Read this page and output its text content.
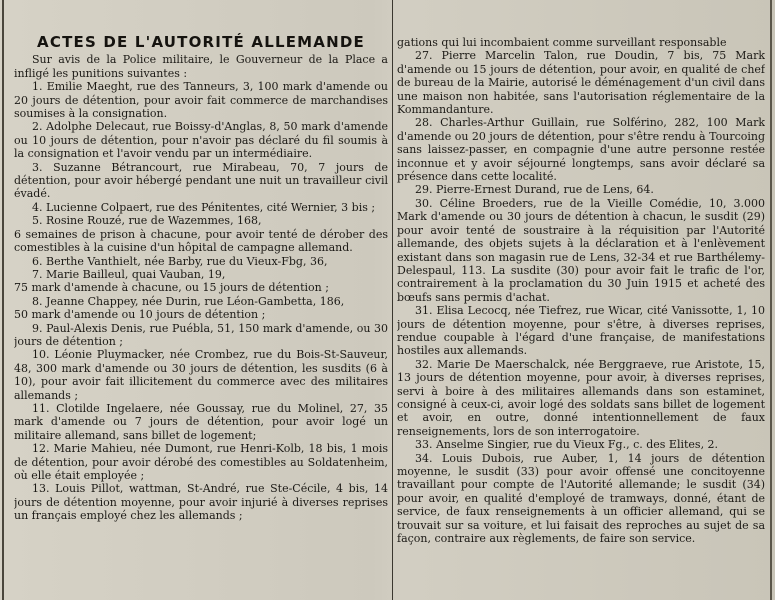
ACTES DE L'AUTORITÉ ALLEMANDE

Sur avis de la Police militaire, le Gouverneur de la Place a infligé les punitions suivantes :

1. Emilie Maeght, rue des Tanneurs, 3, 100 mark d'amende ou 20 jours de détention, pour avoir fait commerce de marchandises soumises à la consignation.

2. Adolphe Delecaut, rue Boissy-d'Anglas, 8, 50 mark d'amende ou 10 jours de détention, pour n'avoir pas déclaré du fil soumis à la consignation et l'avoir vendu par un intermédiaire.

3. Suzanne Bétrancourt, rue Mirabeau, 70, 7 jours de détention, pour avoir hébergé pendant une nuit un travailleur civil évadé.

4. Lucienne Colpaert, rue des Pénitentes, cité Wernier, 3 bis ;

5. Rosine Rouzé, rue de Wazemmes, 168,

6 semaines de prison à chacune, pour avoir tenté de dérober des comestibles à la cuisine d'un hôpital de campagne allemand.

6. Berthe Vanthielt, née Barby, rue du Vieux-Fbg, 36,

7. Marie Bailleul, quai Vauban, 19,

75 mark d'amende à chacune, ou 15 jours de détention ;

8. Jeanne Chappey, née Durin, rue Léon-Gambetta, 186,

50 mark d'amende ou 10 jours de détention ;

9. Paul-Alexis Denis, rue Puébla, 51, 150 mark d'amende, ou 30 jours de détention ;

10. Léonie Pluymacker, née Crombez, rue du Bois-St-Sauveur, 48, 300 mark d'amende ou 30 jours de détention, les susdits (6 à 10), pour avoir fait illicitement du commerce avec des militaires allemands ;

11. Clotilde Ingelaere, née Goussay, rue du Molinel, 27, 35 mark d'amende ou 7 jours de détention, pour avoir logé un militaire allemand, sans billet de logement;

12. Marie Mahieu, née Dumont, rue Henri-Kolb, 18 bis, 1 mois de détention, pour avoir dérobé des comestibles au Soldatenheim, où elle était employée ;

13. Louis Pillot, wattman, St-André, rue Ste-Cécile, 4 bis, 14 jours de détention moyenne, pour avoir injurié à diverses reprises un français employé chez les allemands ;

gations qui lui incombaient comme surveillant responsable

27. Pierre Marcelin Talon, rue Doudin, 7 bis, 75 Mark d'amende ou 15 jours de détention, pour avoir, en qualité de chef de bureau de la Mairie, autorisé le déménagement d'un civil dans une maison non habitée, sans l'autorisation réglementaire de la Kommandanture.

28. Charles-Arthur Guillain, rue Solférino, 282, 100 Mark d'amende ou 20 jours de détention, pour s'être rendu à Tourcoing sans laissez-passer, en compagnie d'une autre personne restée inconnue et y avoir séjourné longtemps, sans avoir déclaré sa présence dans cette localité.

29. Pierre-Ernest Durand, rue de Lens, 64.

30. Céline Broeders, rue de la Vieille Comédie, 10, 3.000 Mark d'amende ou 30 jours de détention à chacun, le susdit (29) pour avoir tenté de soustraire à la réquisition par l'Autorité allemande, des objets sujets à la déclaration et à l'enlèvement existant dans son magasin rue de Lens, 32-34 et rue Barthélemy-Delespaul, 113. La susdite (30) pour avoir fait le trafic de l'or, contrairement à la proclamation du 30 Juin 1915 et acheté des bœufs sans permis d'achat.

31. Elisa Lecocq, née Tiefrez, rue Wicar, cité Vanissotte, 1, 10 jours de détention moyenne, pour s'être, à diverses reprises, rendue coupable à l'égard d'une française, de manifestations hostiles aux allemands.

32. Marie De Maerschalck, née Berggraeve, rue Aristote, 15, 13 jours de détention moyenne, pour avoir, à diverses reprises, servi à boire à des militaires allemands dans son estaminet, consigné à ceux-ci, avoir logé des soldats sans billet de logement et avoir, en outre, donné intentionnellement de faux renseignements, lors de son interrogatoire.

33. Anselme Singier, rue du Vieux Fg., c. des Elites, 2.

34. Louis Dubois, rue Auber, 1, 14 jours de détention moyenne, le susdit (33) pour avoir offensé une concitoyenne travaillant pour compte de l'Autorité allemande; le susdit (34) pour avoir, en qualité d'employé de tramways, donné, étant de service, de faux renseignements à un officier allemand, qui se trouvait sur sa voiture, et lui faisait des reproches au sujet de sa façon, contraire aux règlements, de faire son service.
